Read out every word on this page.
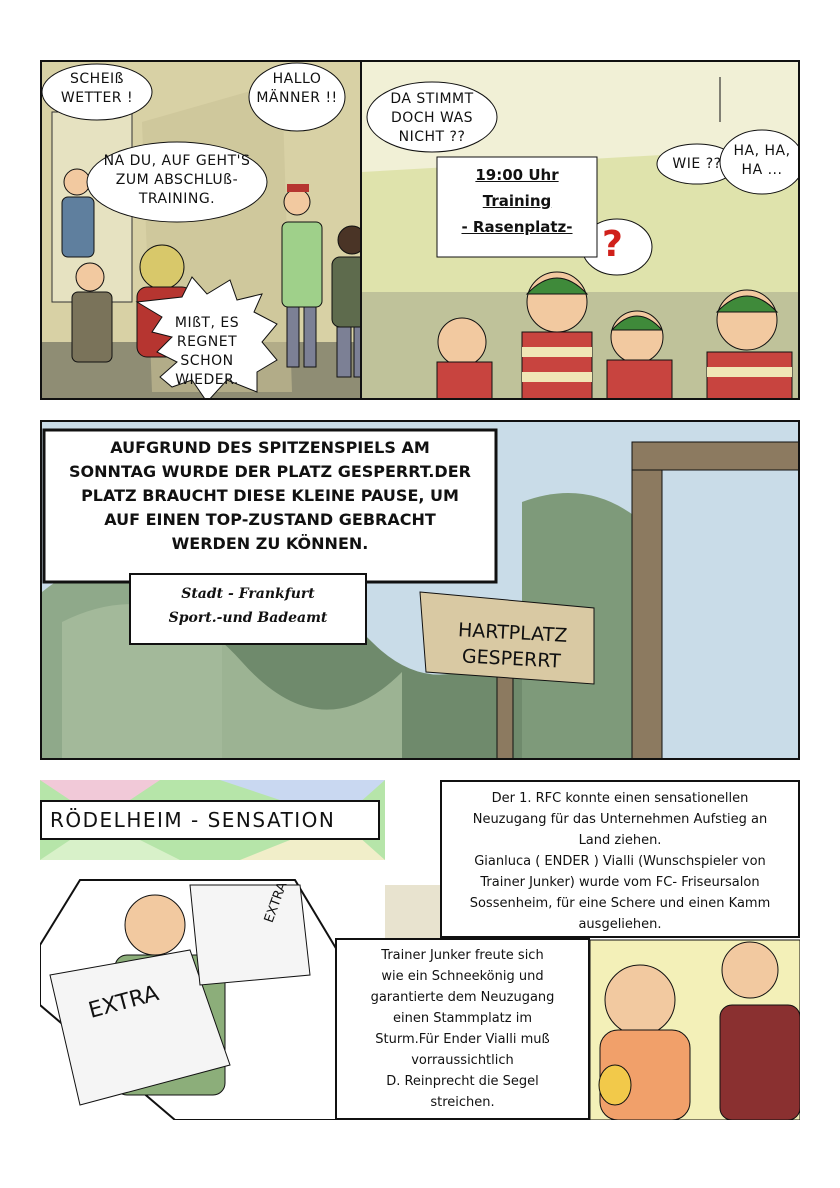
SCHEIß
WETTER !
HALLO
MÄNNER !!
NA DU, AUF GEHT'S
ZUM ABSCHLUß-
TRAINING.
MIßT, ES
REGNET
SCHON
WIEDER.
DA STIMMT
DOCH WAS
NICHT ??
19:00 Uhr
Training
- Rasenplatz-
WIE ??
HA, HA,
HA ...
?
AUFGRUND DES SPITZENSPIELS AM
SONNTAG WURDE DER PLATZ GESPERRT.DER
PLATZ BRAUCHT DIESE KLEINE PAUSE, UM
AUF EINEN TOP-ZUSTAND GEBRACHT
WERDEN ZU KÖNNEN.
Stadt - Frankfurt
Sport.-und Badeamt
HARTPLATZ
GESPERRT
RÖDELHEIM - SENSATION
Der 1. RFC konnte einen sensationellen
Neuzugang für das Unternehmen Aufstieg an
Land ziehen.
Gianluca ( ENDER ) Vialli (Wunschspieler von
Trainer Junker) wurde vom FC- Friseursalon
Sossenheim, für eine Schere und einen Kamm
ausgeliehen.
EXTRA
EXTRA
Trainer Junker freute sich
wie ein Schneekönig und
garantierte dem Neuzugang
einen Stammplatz im
Sturm.Für Ender Vialli muß
vorraussichtlich
D. Reinprecht die Segel
streichen.
